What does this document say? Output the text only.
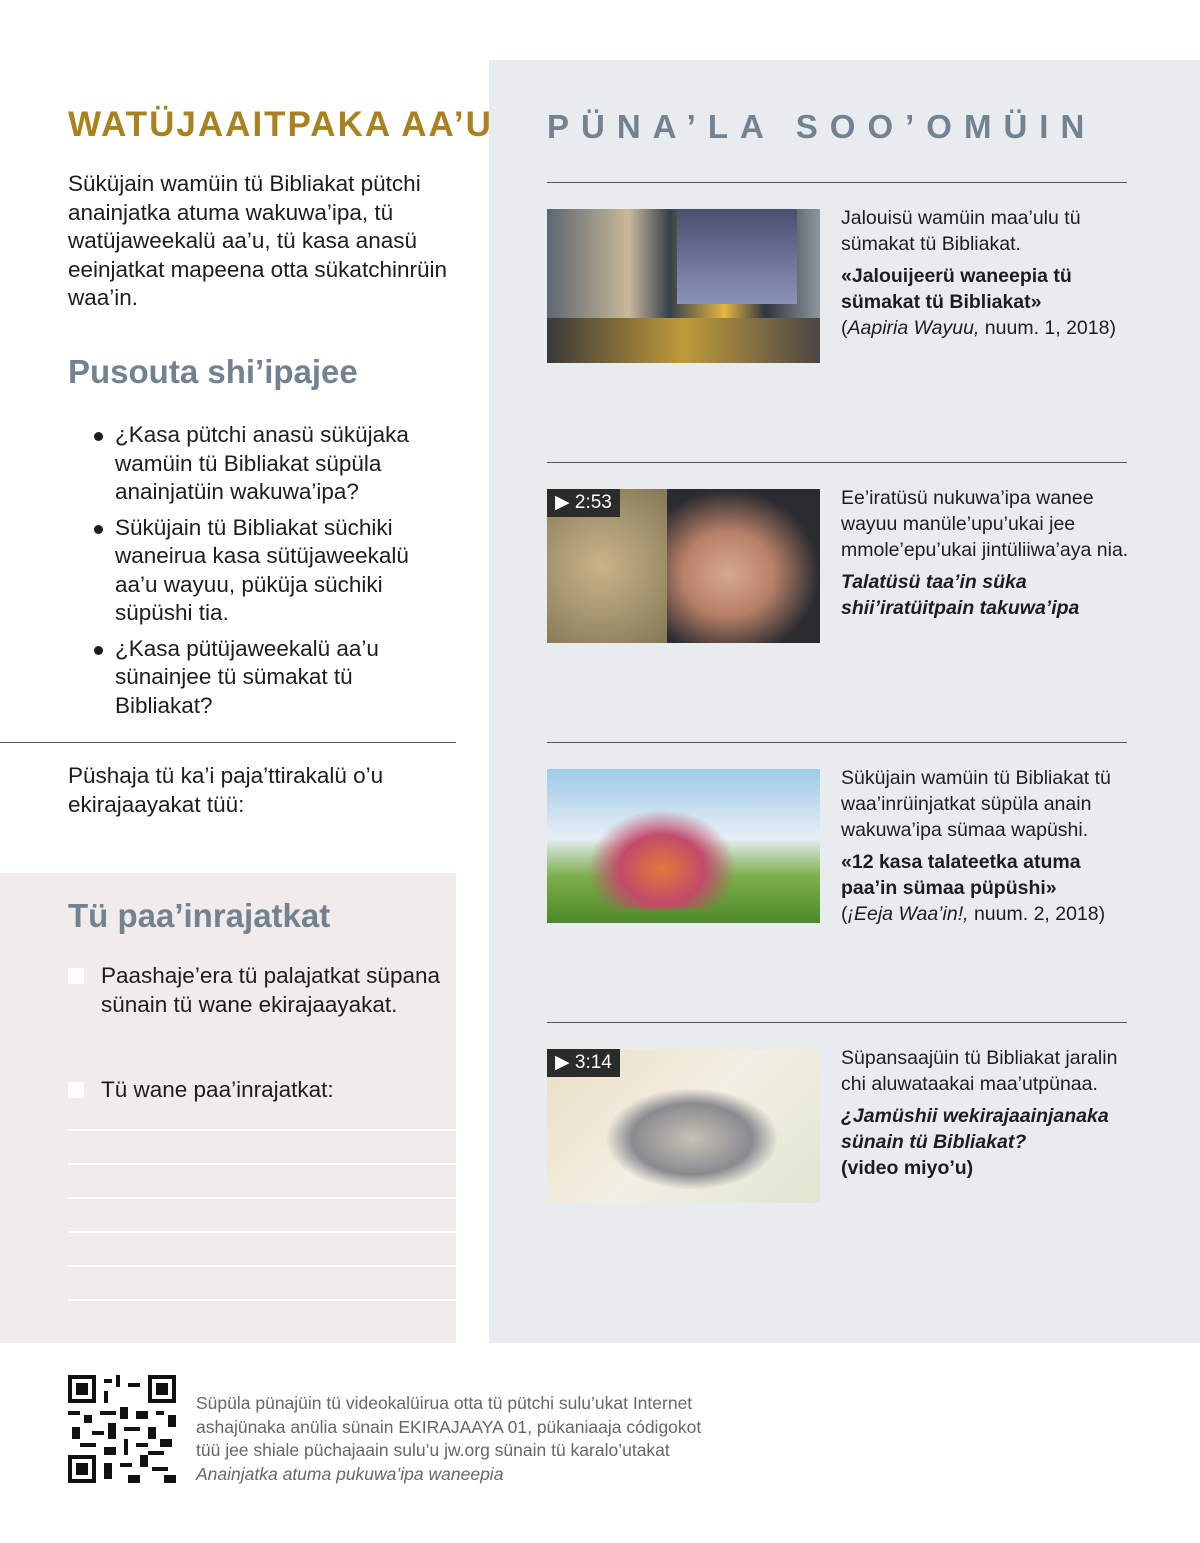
WATÜJAAITPAKA AA’U

Süküjain wamüin tü Bibliakat pütchi anainjatka atuma wakuwa’ipa, tü watüjaweekalü aa’u, tü kasa anasü eeinjatkat mapeena otta sükatchinrüin waa’in.

Pusouta shi’ipajee
¿Kasa pütchi anasü süküjaka wamüin tü Bibliakat süpüla anainjatüin wakuwa’ipa?
Süküjain tü Bibliakat süchiki waneirua kasa sütüjaweekalü aa’u wayuu, püküja süchiki süpüshi tia.
¿Kasa pütüjaweekalü aa’u sünainjee tü sümakat tü Bibliakat?

Püshaja tü ka’i paja’ttirakalü o’u ekirajaayakat tüü:

Tü paa’inrajatkat

Paashaje’era tü palajatkat süpana sünain tü wane ekirajaayakat.

Tü wane paa’inrajatkat:

PÜNA’LA SOO’OMÜIN

Jalouisü wamüin maa’ulu tü sümakat tü Bibliakat.

«Jalouijeerü waneepia tü sümakat tü Bibliakat»

(Aapiria Wayuu, nuum. 1, 2018)

▶ 2:53	Ee’iratüsü nukuwa’ipa wanee wayuu manüle’upu’ukai jee mmole’epu’ukai jintüliiwa’aya nia.

Talatüsü taa’in süka shii’iratüitpain takuwa’ipa

Süküjain wamüin tü Bibliakat tü waa’inrüinjatkat süpüla anain wakuwa’ipa sümaa wapüshi.

«12 kasa talateetka atuma paa’in sümaa püpüshi»

(¡Eeja Waa’in!, nuum. 2, 2018)

▶ 3:14	Süpansaajüin tü Bibliakat jaralin chi aluwataakai maa’utpünaa.

¿Jamüshii wekirajaainjanaka sünain tü Bibliakat?

(video miyo’u)

Süpüla pünajüin tü videokalüirua otta tü pütchi sulu’ukat Internet

ashajünaka anülia sünain EKIRAJAAYA 01, pükaniaaja códigokot

tüü jee shiale püchajaain sulu’u jw.org sünain tü karalo’utakat

Anainjatka atuma pukuwa’ipa waneepia
